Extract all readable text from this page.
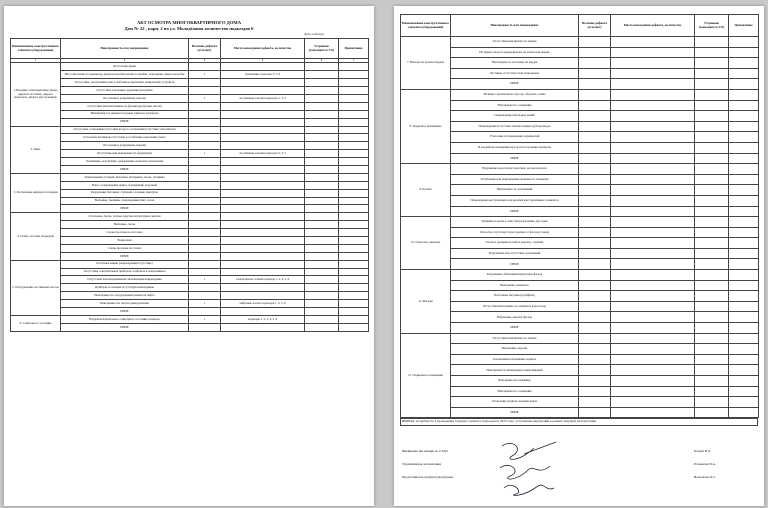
АКТ ОСМОТРА МНОГОКВАРТИРНОГО ДОМА
Дом № 22 , корп. 2 по ул. Молодёжная количество подъездов 6
Дата осмотра:
Наименование конструктивного элемента (оборудования)	Неисправность или повреждение	Наличие дефекта (есть/нет)	Место нахождения дефекта, количество	Устранено (заполняется УО)	Примечание
1	2	3	4	6	7
1. Входные/ эвакуационные двери, двери на лестнице, двери в переходах, двери в мусорокамеру	Отсутствие двери				
	Несоответствие по параметру дверное коробки/оконного проёма. Доводчики, дверь в коробке	1	помещение подъезда 2, 5, 6		
	Отсутствие, заглушенные или ослабленное крепление запирающих устройств				
	Отсутствие доводчика, пружины/доводчика				
	Отслоение и разрушение окраски	1	лестничные клетки подъездов 1, 3, 4		
	Отсутствие или неисправность фурнитуры (ручки, петли)				
	Неисправность дверных кодовых замков и домофона				
	ИНОЕ				
2. Окна	Отсутствие остекления/отсутствие второго остекления/отсутствие уплотнителя				
	Отслоение штапиков/отсутствие и ослабление крепления стекол				
	Отслоение и разрушение окраски				
	Отсутствие или неисправность фурнитуры	1	лестничные клетки подъездов 2, 3, 5		
	Загнивание, коробление, деформация элементов заполнения				
	ИНОЕ				
3. Лестничные марши и площадки	Повреждения ступеней: выбоины, истирание, сколы, трещины				
	Износ, повреждение перил, ограждений, поручней				
	Разрушение бетонных ступеней, оголение арматуры				
	Выбоины, трещины, повреждения плит, полов				
	ИНОЕ				
4. Стены, потолки подъездов	Отслоение, сколы, потеки, вздутие штукатурки и краски				
	Выбоины, сколы				
	Следы протечек на потолках				
	Вандализм				
	Следы протечек на стенах				
	ИНОЕ				
5. Оборудование лестничных клеток	Почтовые ящики (повреждения/отсутствие)				
	Отсутствие осветительных приборов, плафонов и светильников				
	Отсутствие или неправильная сигнализация/повреждения	1	электрощиты этажей подъезда 1, 2, 4, 5, 6		
	Приборы отопления отсутствуют/неисправны				
	Неисправность оборудования/элементов лифта				
	Неисправности систем дымоудаления	1	лифтовые холлы подъездов 1, 3, 5, 6		
	ИНОЕ				
6. Санитарное состояние	Неудовлетворительное санитарное состояние подъезда	1	подъезды 1, 2, 3, 4, 5, 6		
	ИНОЕ				
Наименование конструктивного элемента (оборудования)	Неисправность или повреждение	Наличие дефекта (есть/нет)	Место нахождения дефекта, количество	Устранено (заполняется УО)	Примечание
7. Выходы на кровлю/чердак	Отсутствие/неисправность замков				
	Не закрыт вход на чердак/кровлю на люках или дверях				
	Неисправность лестницы на чердак				
	Лестница отсутствует или повреждена				
	ИНОЕ				
8. Чердачное помещение	Наличие строительного мусора, обрезков, хлама				
	Неисправность освещения				
	Повреждение кабельных линий				
	Повреждение/отсутствие теплоизоляции трубопроводов				
	Утепление и повреждение перекрытий				
	В чердачном помещении мусор и посторонние предметы				
	ИНОЕ				
9. Кровля	Нарушение водоотвода: протечки, засоры воронок				
	Ослабление или повреждение кровельного покрытия				
	Неисправность ограждений				
	Повреждение выступающих над кровлей конструктивных элементов				
	ИНОЕ				
10. Отмостка, крыльца	Трещины и сколы в отмостке/разрушение, просадка				
	Отмостка отсутствует или отделена от фасада (стены)				
	Сколы и трещины в плитах крылец, ступенях				
	Разрушение или отсутствие ограждений				
	ИНОЕ				
11. Фасады	Разрушение облицовки/штукатурки фасада				
	Выпадение элементов				
	Настенные рисунки (граффити)				
	Отсутствие/неисправность элементов водоотвода				
	Нарушение окраски фасада				
	ИНОЕ				
12. Подвальное помещение	Отсутствие/неисправность замков				
	Нарушение окраски				
	Захламление/загрязнение подвала				
	Неисправность инженерных коммуникаций				
	Неисправность приямков				
	Неисправность освещения				
	Затопление подвала, наличие влаги				
	ИНОЕ				
ВЫВОД: потребность в проведении текущего ремонта подъездов в 2023 году/ устранение нарушений в рамках текущей эксплуатации
Жилищная инспекция по СЗАО	Богдан Н.Д.
Управляющая организация	Розенкова И.А.
Представитель префектуры/управы	Васильева О.С.
